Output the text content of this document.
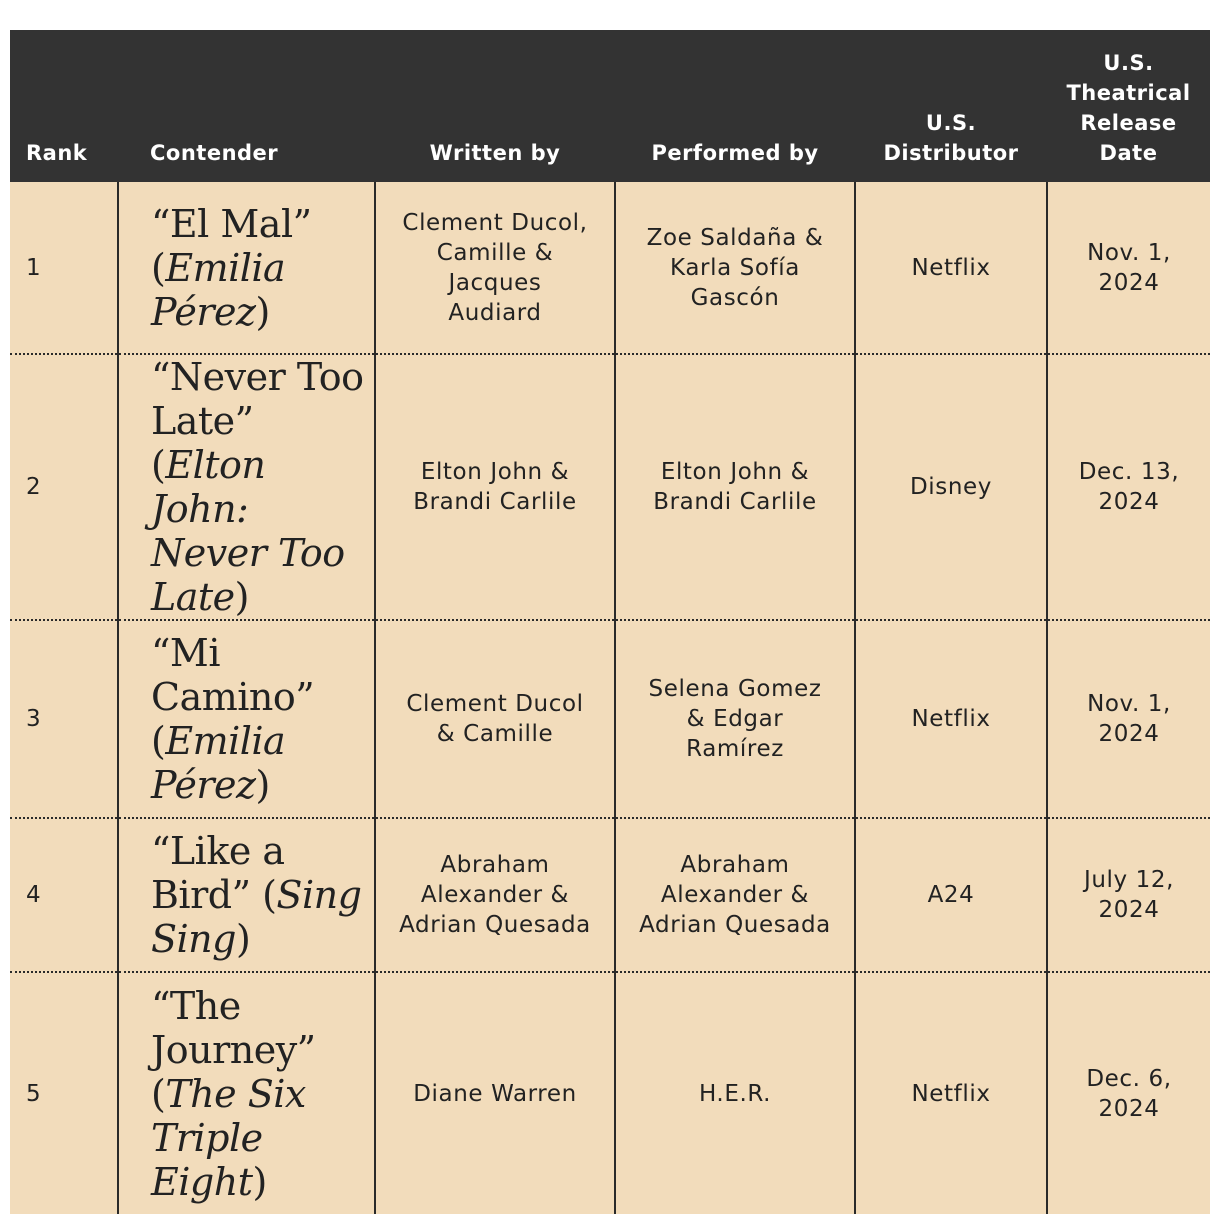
Rank	Contender	Written by	Performed by	U.S. Distributor	U.S. Theatrical Release Date
1	“El Mal” (Emilia Pérez)	Clement Ducol, Camille & Jacques Audiard	Zoe Saldaña & Karla Sofía Gascón	Netflix	Nov. 1, 2024
2	“Never Too Late” (Elton John: Never Too Late)	Elton John & Brandi Carlile	Elton John & Brandi Carlile	Disney	Dec. 13, 2024
3	“Mi Camino” (Emilia Pérez)	Clement Ducol & Camille	Selena Gomez & Edgar Ramírez	Netflix	Nov. 1, 2024
4	“Like a Bird” (Sing Sing)	Abraham Alexander & Adrian Quesada	Abraham Alexander & Adrian Quesada	A24	July 12, 2024
5	“The Journey” (The Six Triple Eight)	Diane Warren	H.E.R.	Netflix	Dec. 6, 2024
